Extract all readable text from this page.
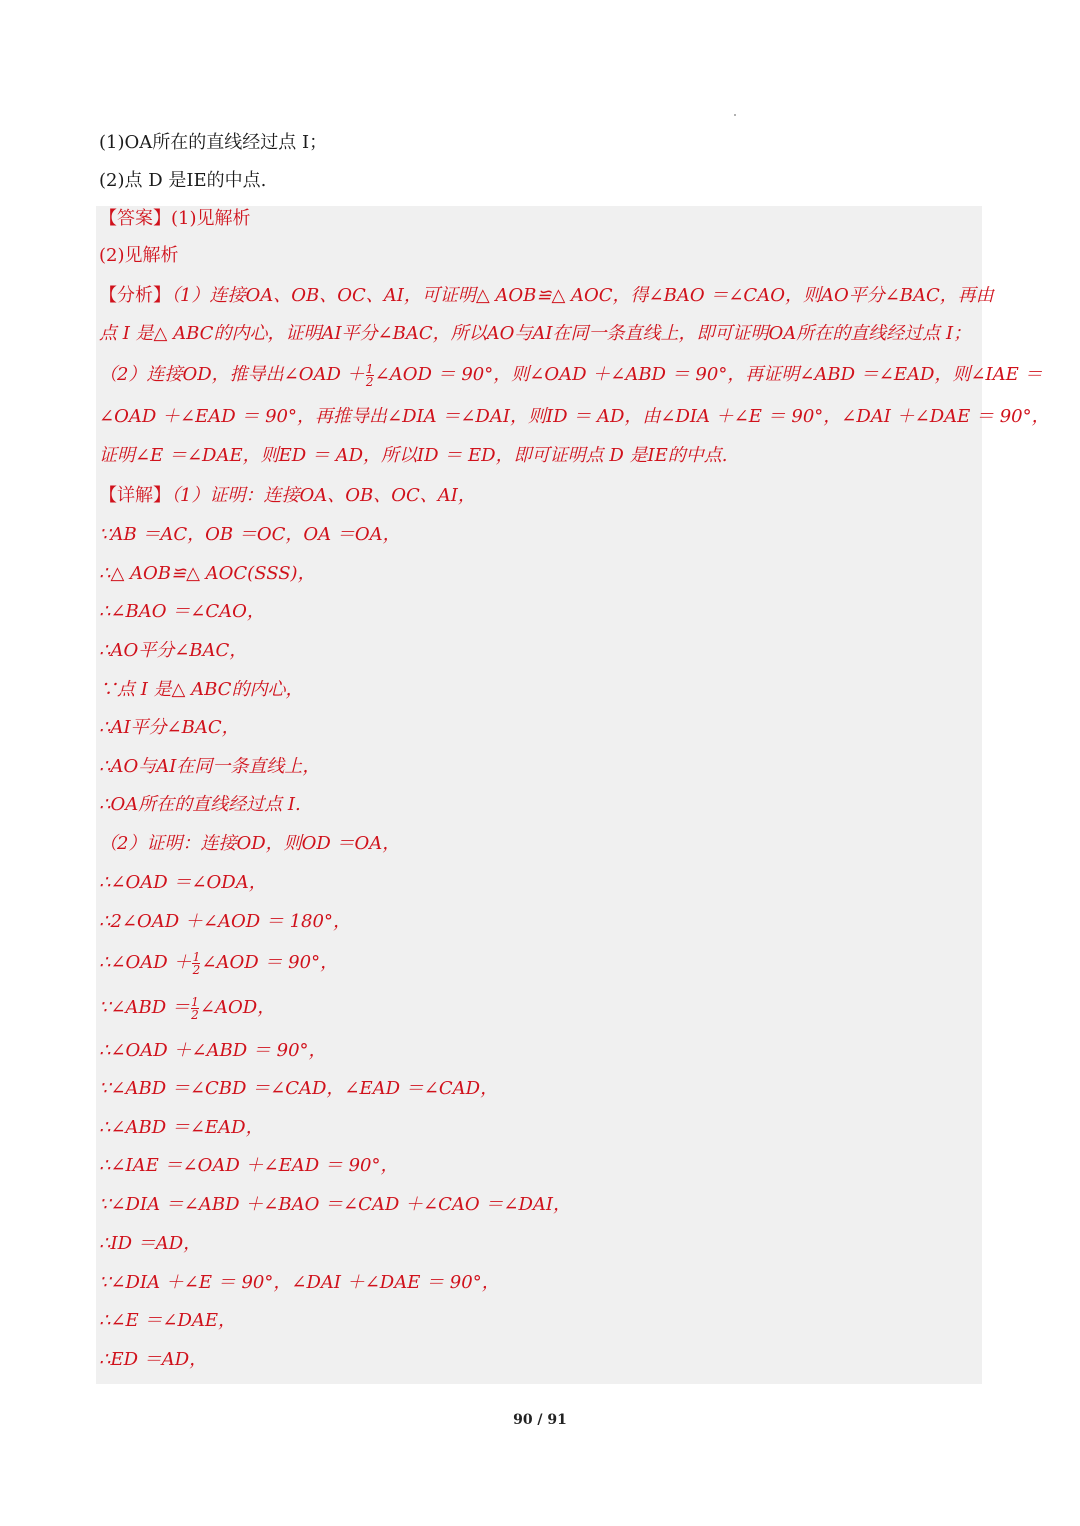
(1)OA所在的直线经过点 I；
(2)点 D 是IE的中点.
【答案】(1)见解析
(2)见解析
【分析】（1）连接OA、OB、OC、AI，可证明△ AOB≌△ AOC，得∠BAO ＝∠CAO，则AO平分∠BAC，再由
点 I 是△ ABC的内心，证明AI平分∠BAC，所以AO与AI在同一条直线上，即可证明OA所在的直线经过点 I；
（2）连接OD，推导出∠OAD ＋ $\frac{1}{2}$ ∠AOD ＝ 90°，则∠OAD ＋∠ABD ＝ 90°，再证明∠ABD ＝∠EAD，则∠IAE ＝
∠OAD ＋∠EAD ＝ 90°，再推导出∠DIA ＝∠DAI，则ID ＝ AD，由∠DIA ＋∠E ＝ 90°，∠DAI ＋∠DAE ＝ 90°，
证明∠E ＝∠DAE，则ED ＝ AD，所以ID ＝ ED，即可证明点 D 是IE的中点.
【详解】（1）证明：连接OA、OB、OC、AI，
∵AB ＝AC，OB ＝OC，OA ＝OA，
∴△ AOB≌△ AOC(SSS)，
∴∠BAO ＝∠CAO，
∴AO平分∠BAC，
∵点 I 是△ ABC的内心，
∴AI平分∠BAC，
∴AO与AI在同一条直线上，
∴OA所在的直线经过点 I.
（2）证明：连接OD，则OD ＝OA，
∴∠OAD ＝∠ODA，
∴2∠OAD ＋∠AOD ＝ 180°，
∴∠OAD ＋ $\frac{1}{2}$ ∠AOD ＝ 90°，
∵∠ABD ＝ $\frac{1}{2}$ ∠AOD，
∴∠OAD ＋∠ABD ＝ 90°，
∵∠ABD ＝∠CBD ＝∠CAD，∠EAD ＝∠CAD，
∴∠ABD ＝∠EAD，
∴∠IAE ＝∠OAD ＋∠EAD ＝ 90°，
∵∠DIA ＝∠ABD ＋∠BAO ＝∠CAD ＋∠CAO ＝∠DAI，
∴ID ＝AD，
∵∠DIA ＋∠E ＝ 90°，∠DAI ＋∠DAE ＝ 90°，
∴∠E ＝∠DAE，
∴ED ＝AD，
90 / 91
